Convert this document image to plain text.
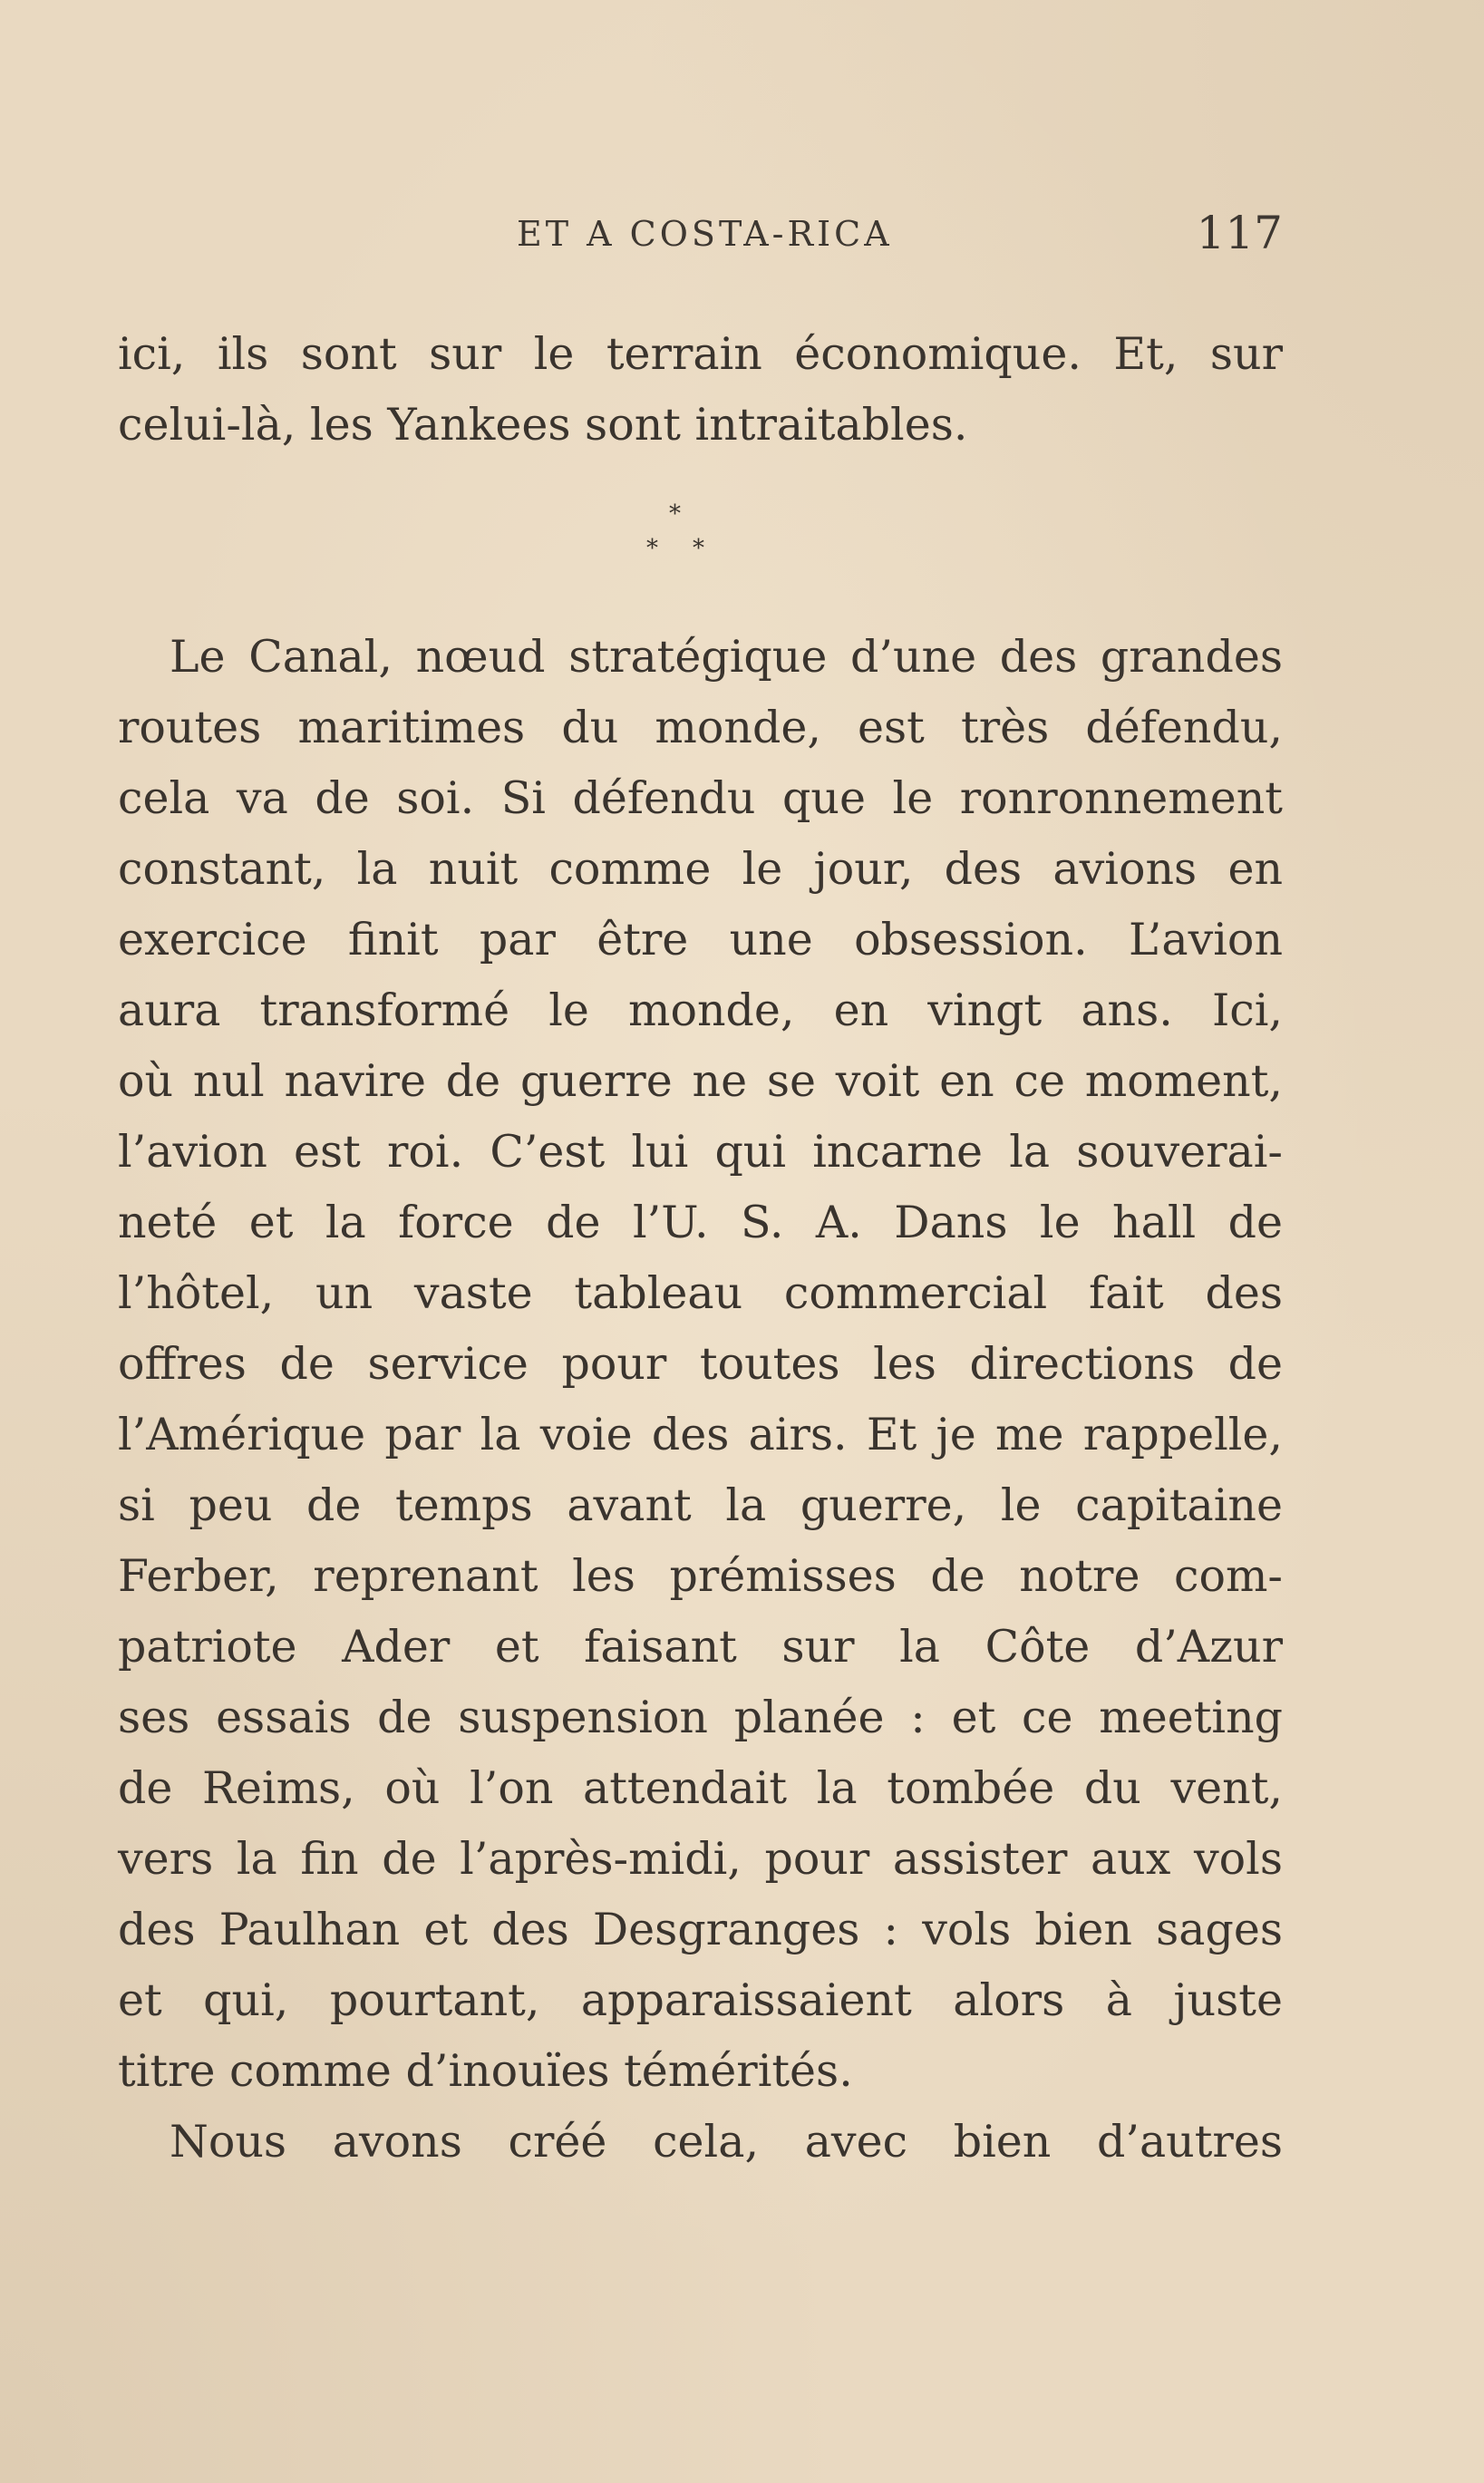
ET A COSTA-RICA	117
ici, ils sont sur le terrain économique. Et, sur
celui-là, les Yankees sont intraitables.
*
* *
Le Canal, nœud stratégique d’une des grandes
routes maritimes du monde, est très défendu,
cela va de soi. Si défendu que le ronronnement
constant, la nuit comme le jour, des avions en
exercice finit par être une obsession. L’avion
aura transformé le monde, en vingt ans. Ici,
où nul navire de guerre ne se voit en ce moment,
l’avion est roi. C’est lui qui incarne la souverai-
neté et la force de l’U. S. A. Dans le hall de
l’hôtel, un vaste tableau commercial fait des
offres de service pour toutes les directions de
l’Amérique par la voie des airs. Et je me rappelle,
si peu de temps avant la guerre, le capitaine
Ferber, reprenant les prémisses de notre com-
patriote Ader et faisant sur la Côte d’Azur
ses essais de suspension planée : et ce meeting
de Reims, où l’on attendait la tombée du vent,
vers la fin de l’après-midi, pour assister aux vols
des Paulhan et des Desgranges : vols bien sages
et qui, pourtant, apparaissaient alors à juste
titre comme d’inouïes témérités.
Nous avons créé cela, avec bien d’autres
